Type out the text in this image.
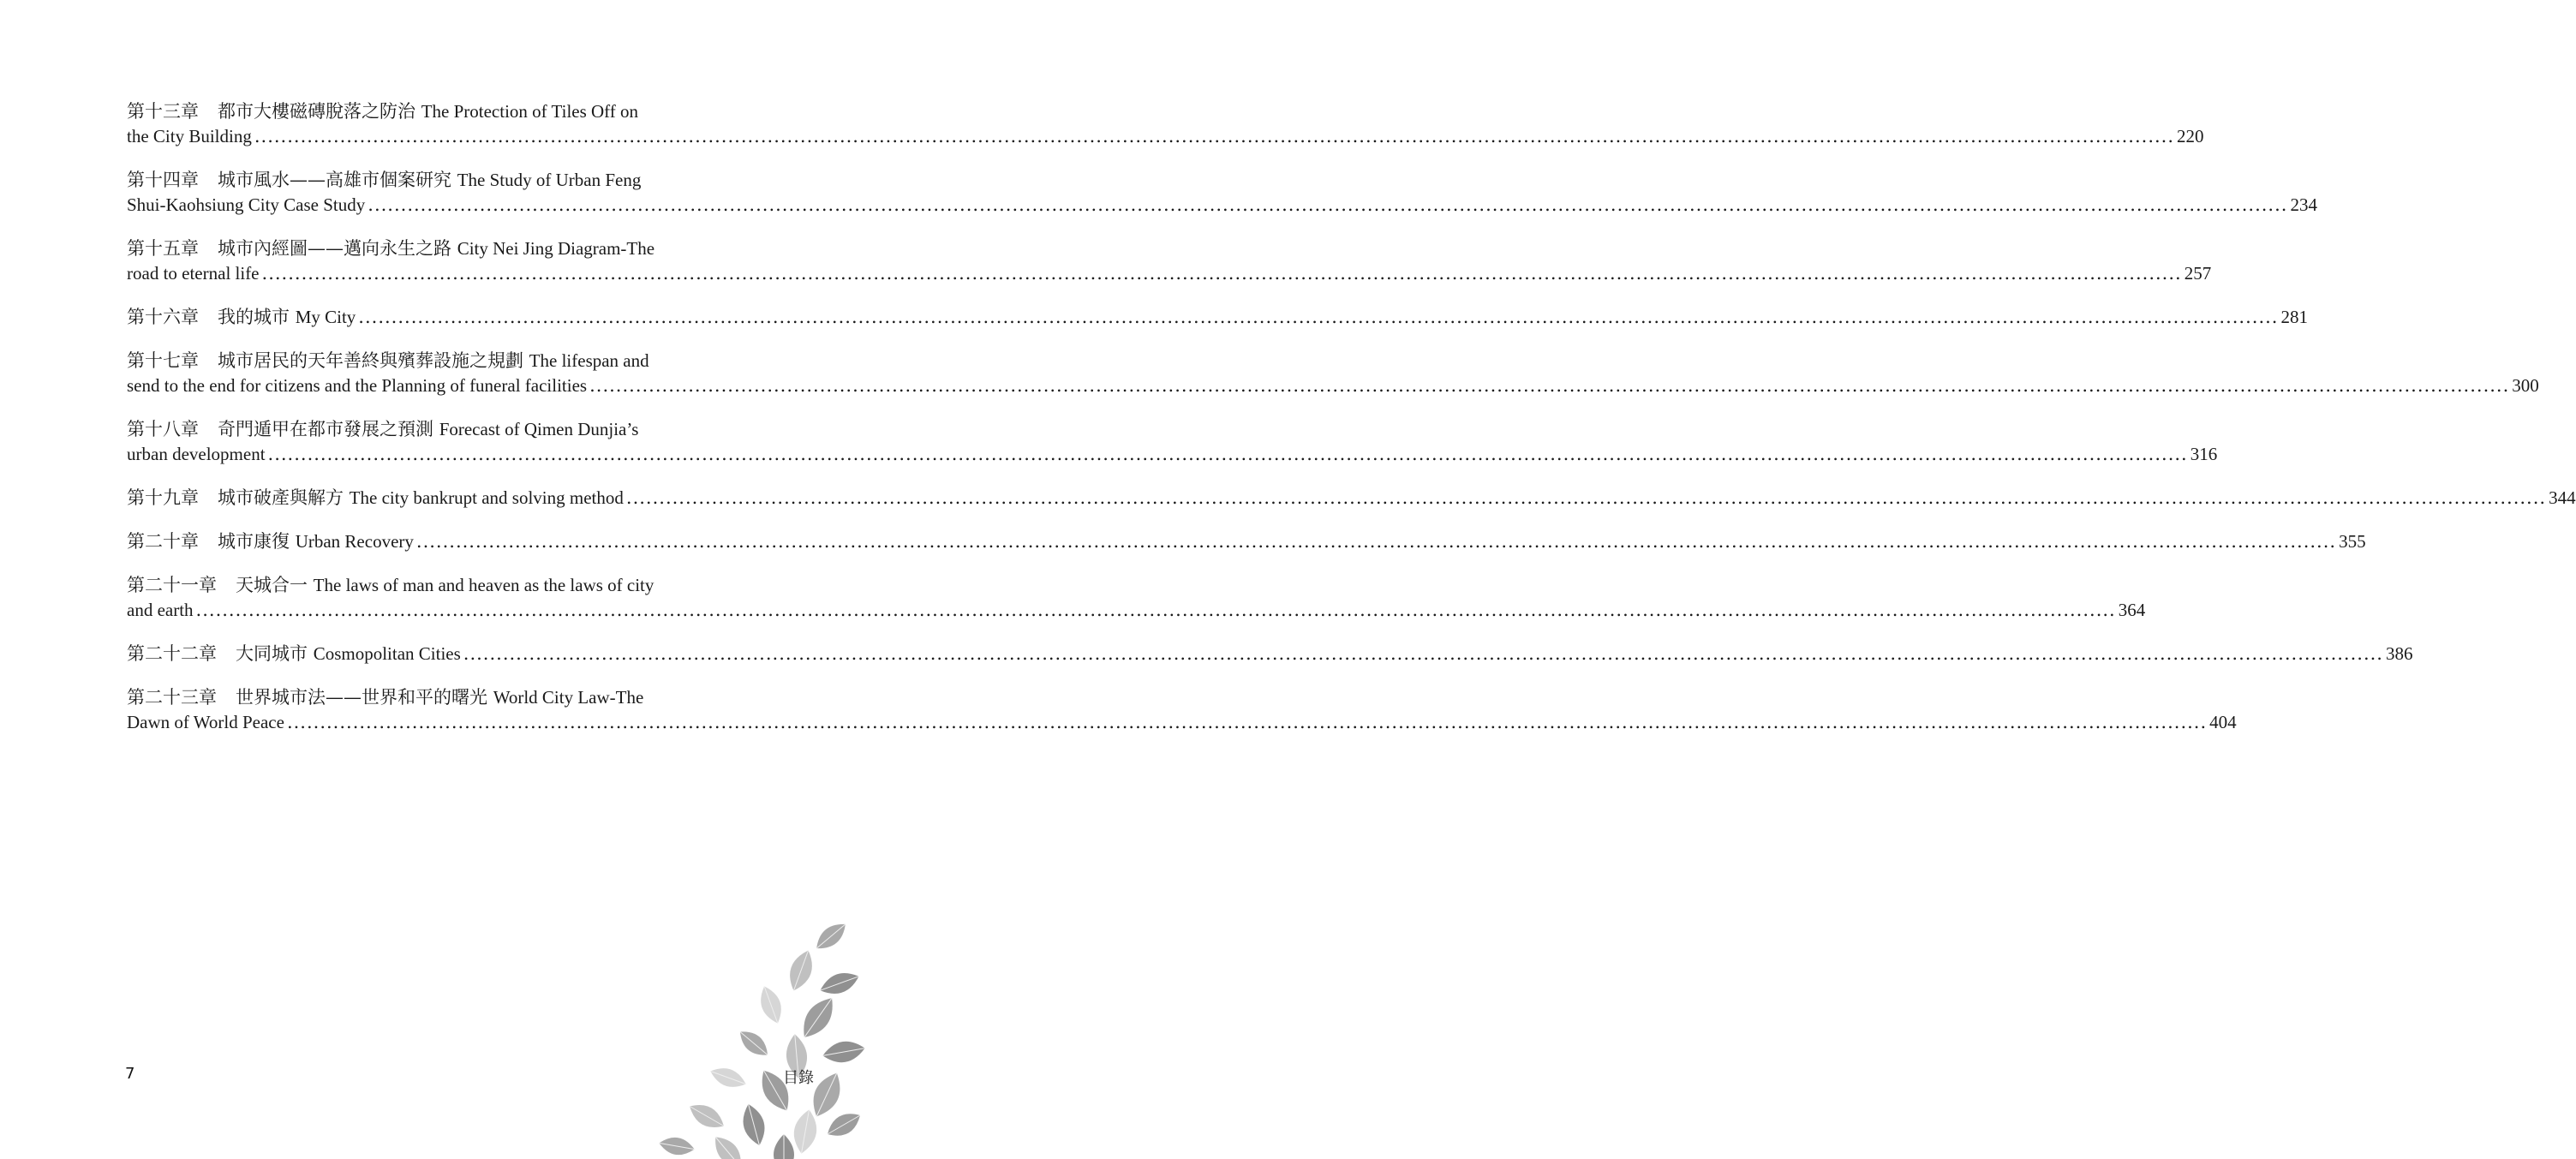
第十三章 都市大樓磁磚脫落之防治 The Protection of Tiles Off on
the City Building .....	220
第十四章 城市風水——高雄市個案研究 The Study of Urban Feng
Shui-Kaohsiung City Case Study .....	234
第十五章 城市內經圖——邁向永生之路 City Nei Jing Diagram-The
road to eternal life .....	257
第十六章 我的城市 My City .....	281
第十七章 城市居民的天年善終與殯葬設施之規劃 The lifespan and
send to the end for citizens and the Planning of funeral facilities .....	300
第十八章 奇門遁甲在都市發展之預測 Forecast of Qimen Dunjia’s
urban development .....	316
第十九章 城市破產與解方 The city bankrupt and solving method .....	344
第二十章 城市康復 Urban Recovery .....	355
第二十一章 天城合一 The laws of man and heaven as the laws of city
and earth .....	364
第二十二章 大同城市 Cosmopolitan Cities .....	386
第二十三章 世界城市法——世界和平的曙光 World City Law-The
Dawn of World Peace .....	404
7	目錄
